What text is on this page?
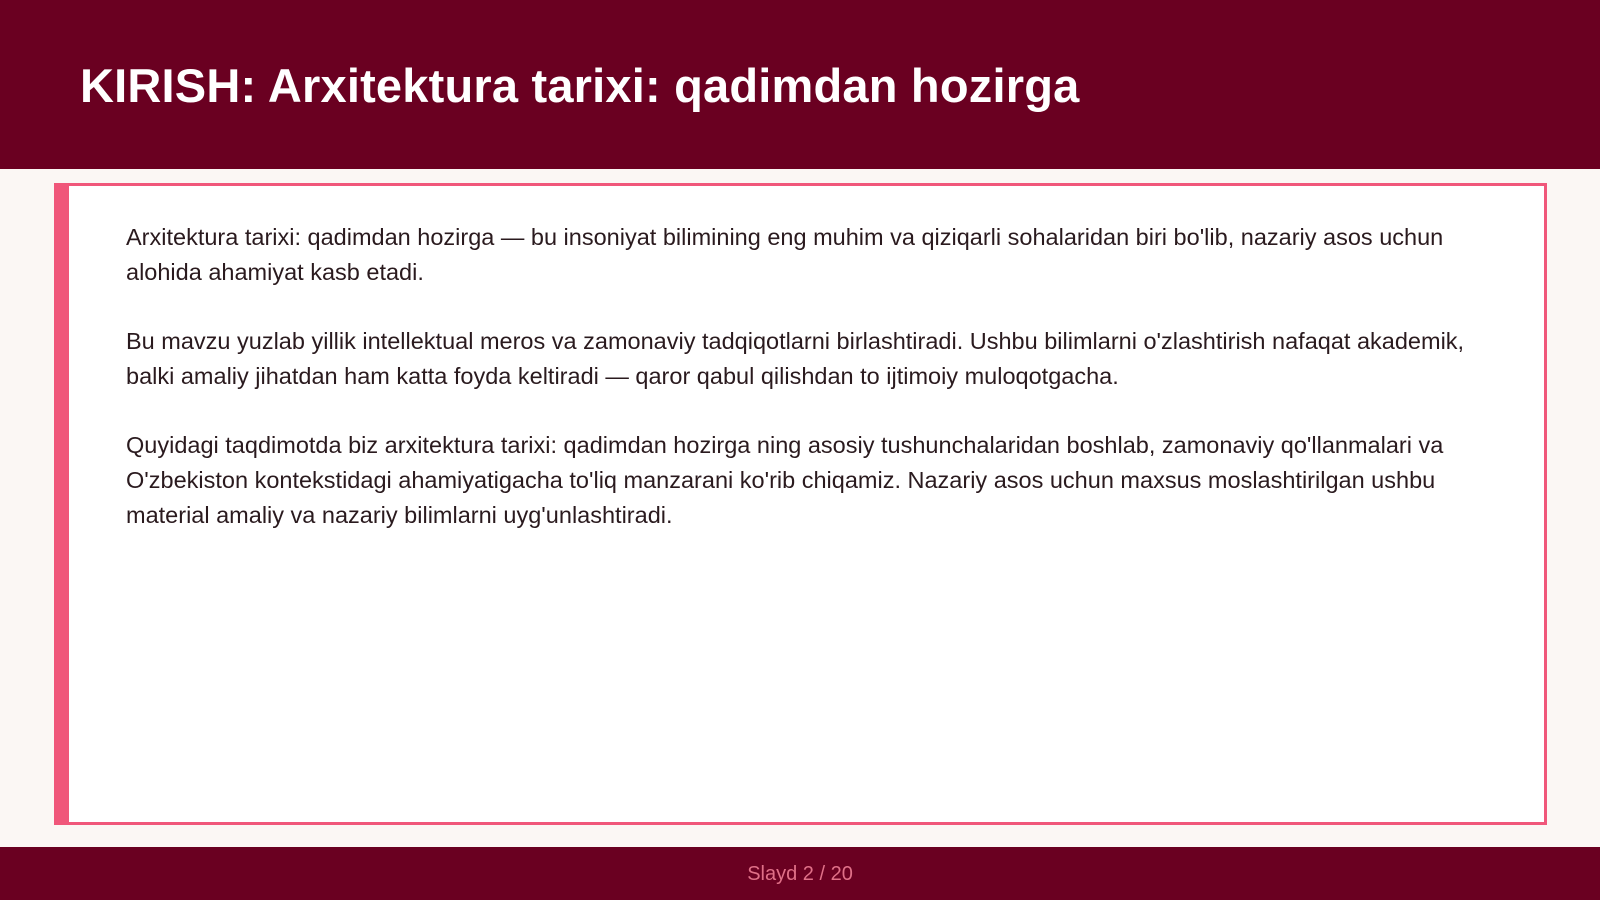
KIRISH: Arxitektura tarixi: qadimdan hozirga

Arxitektura tarixi: qadimdan hozirga — bu insoniyat bilimining eng muhim va qiziqarli sohalaridan biri bo'lib, nazariy asos uchun alohida ahamiyat kasb etadi.

Bu mavzu yuzlab yillik intellektual meros va zamonaviy tadqiqotlarni birlashtiradi. Ushbu bilimlarni o'zlashtirish nafaqat akademik, balki amaliy jihatdan ham katta foyda keltiradi — qaror qabul qilishdan to ijtimoiy muloqotgacha.

Quyidagi taqdimotda biz arxitektura tarixi: qadimdan hozirga ning asosiy tushunchalaridan boshlab, zamonaviy qo'llanmalari va O'zbekiston kontekstidagi ahamiyatigacha to'liq manzarani ko'rib chiqamiz. Nazariy asos uchun maxsus moslashtirilgan ushbu material amaliy va nazariy bilimlarni uyg'unlashtiradi.

Slayd 2 / 20
